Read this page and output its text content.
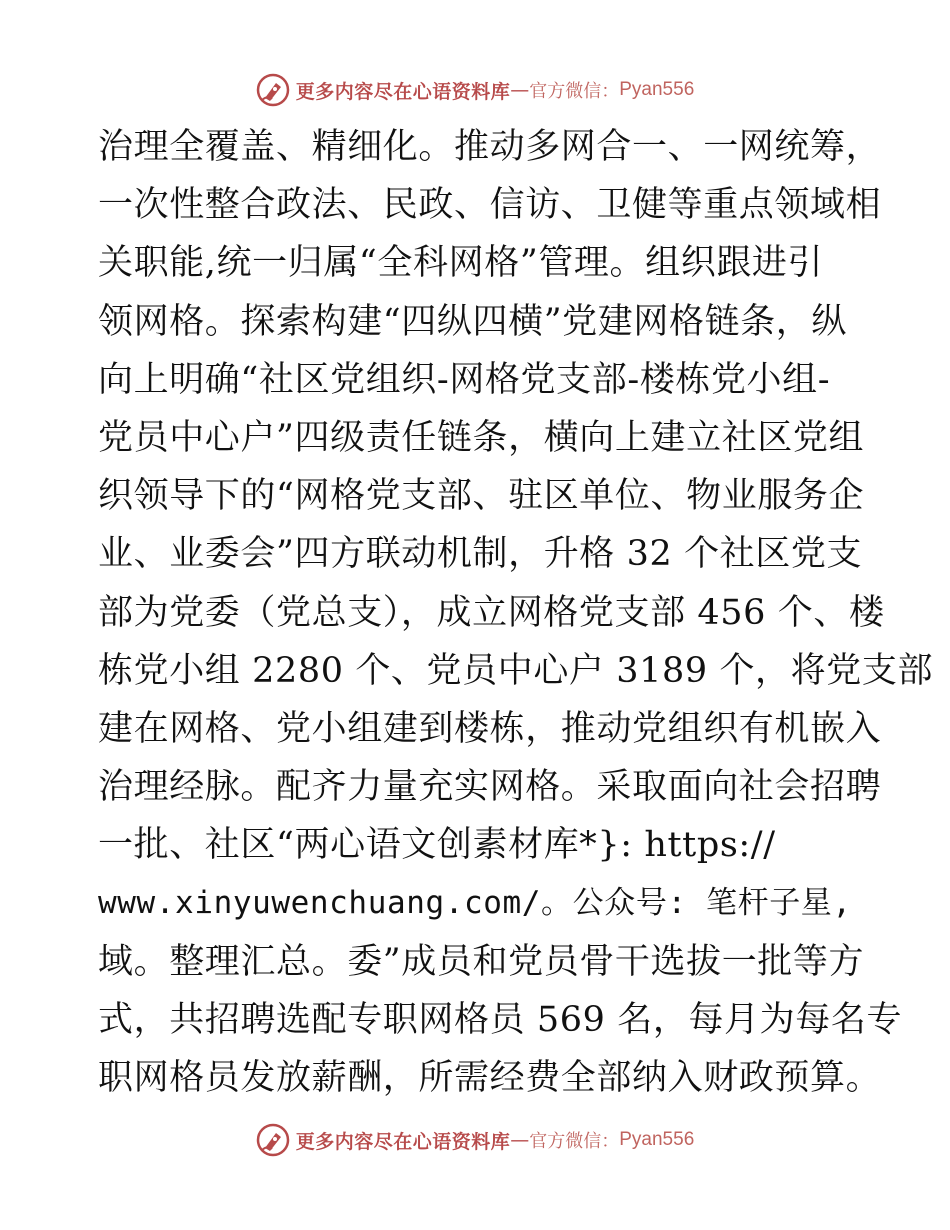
更多内容尽在心语资料库 — 官方微信： Pyan556
治理全覆盖、精细化。推动多网合一、一网统筹，
一次性整合政法、民政、信访、卫健等重点领域相
关职能,统一归属“全科网格”管理。组织跟进引
领网格。探索构建“四纵四横”党建网格链条，纵
向上明确“社区党组织-网格党支部-楼栋党小组-
党员中心户”四级责任链条，横向上建立社区党组
织领导下的“网格党支部、驻区单位、物业服务企
业、业委会”四方联动机制，升格 32 个社区党支
部为党委（党总支），成立网格党支部 456 个、楼
栋党小组 2280 个、党员中心户 3189 个，将党支部
建在网格、党小组建到楼栋，推动党组织有机嵌入
治理经脉。配齐力量充实网格。采取面向社会招聘
一批、社区“两心语文创素材库*}: https://
www.xinyuwenchuang.com/。公众号: 笔杆子星,
域。整理汇总。委”成员和党员骨干选拔一批等方
式，共招聘选配专职网格员 569 名，每月为每名专
职网格员发放薪酬，所需经费全部纳入财政预算。
更多内容尽在心语资料库 — 官方微信： Pyan556
